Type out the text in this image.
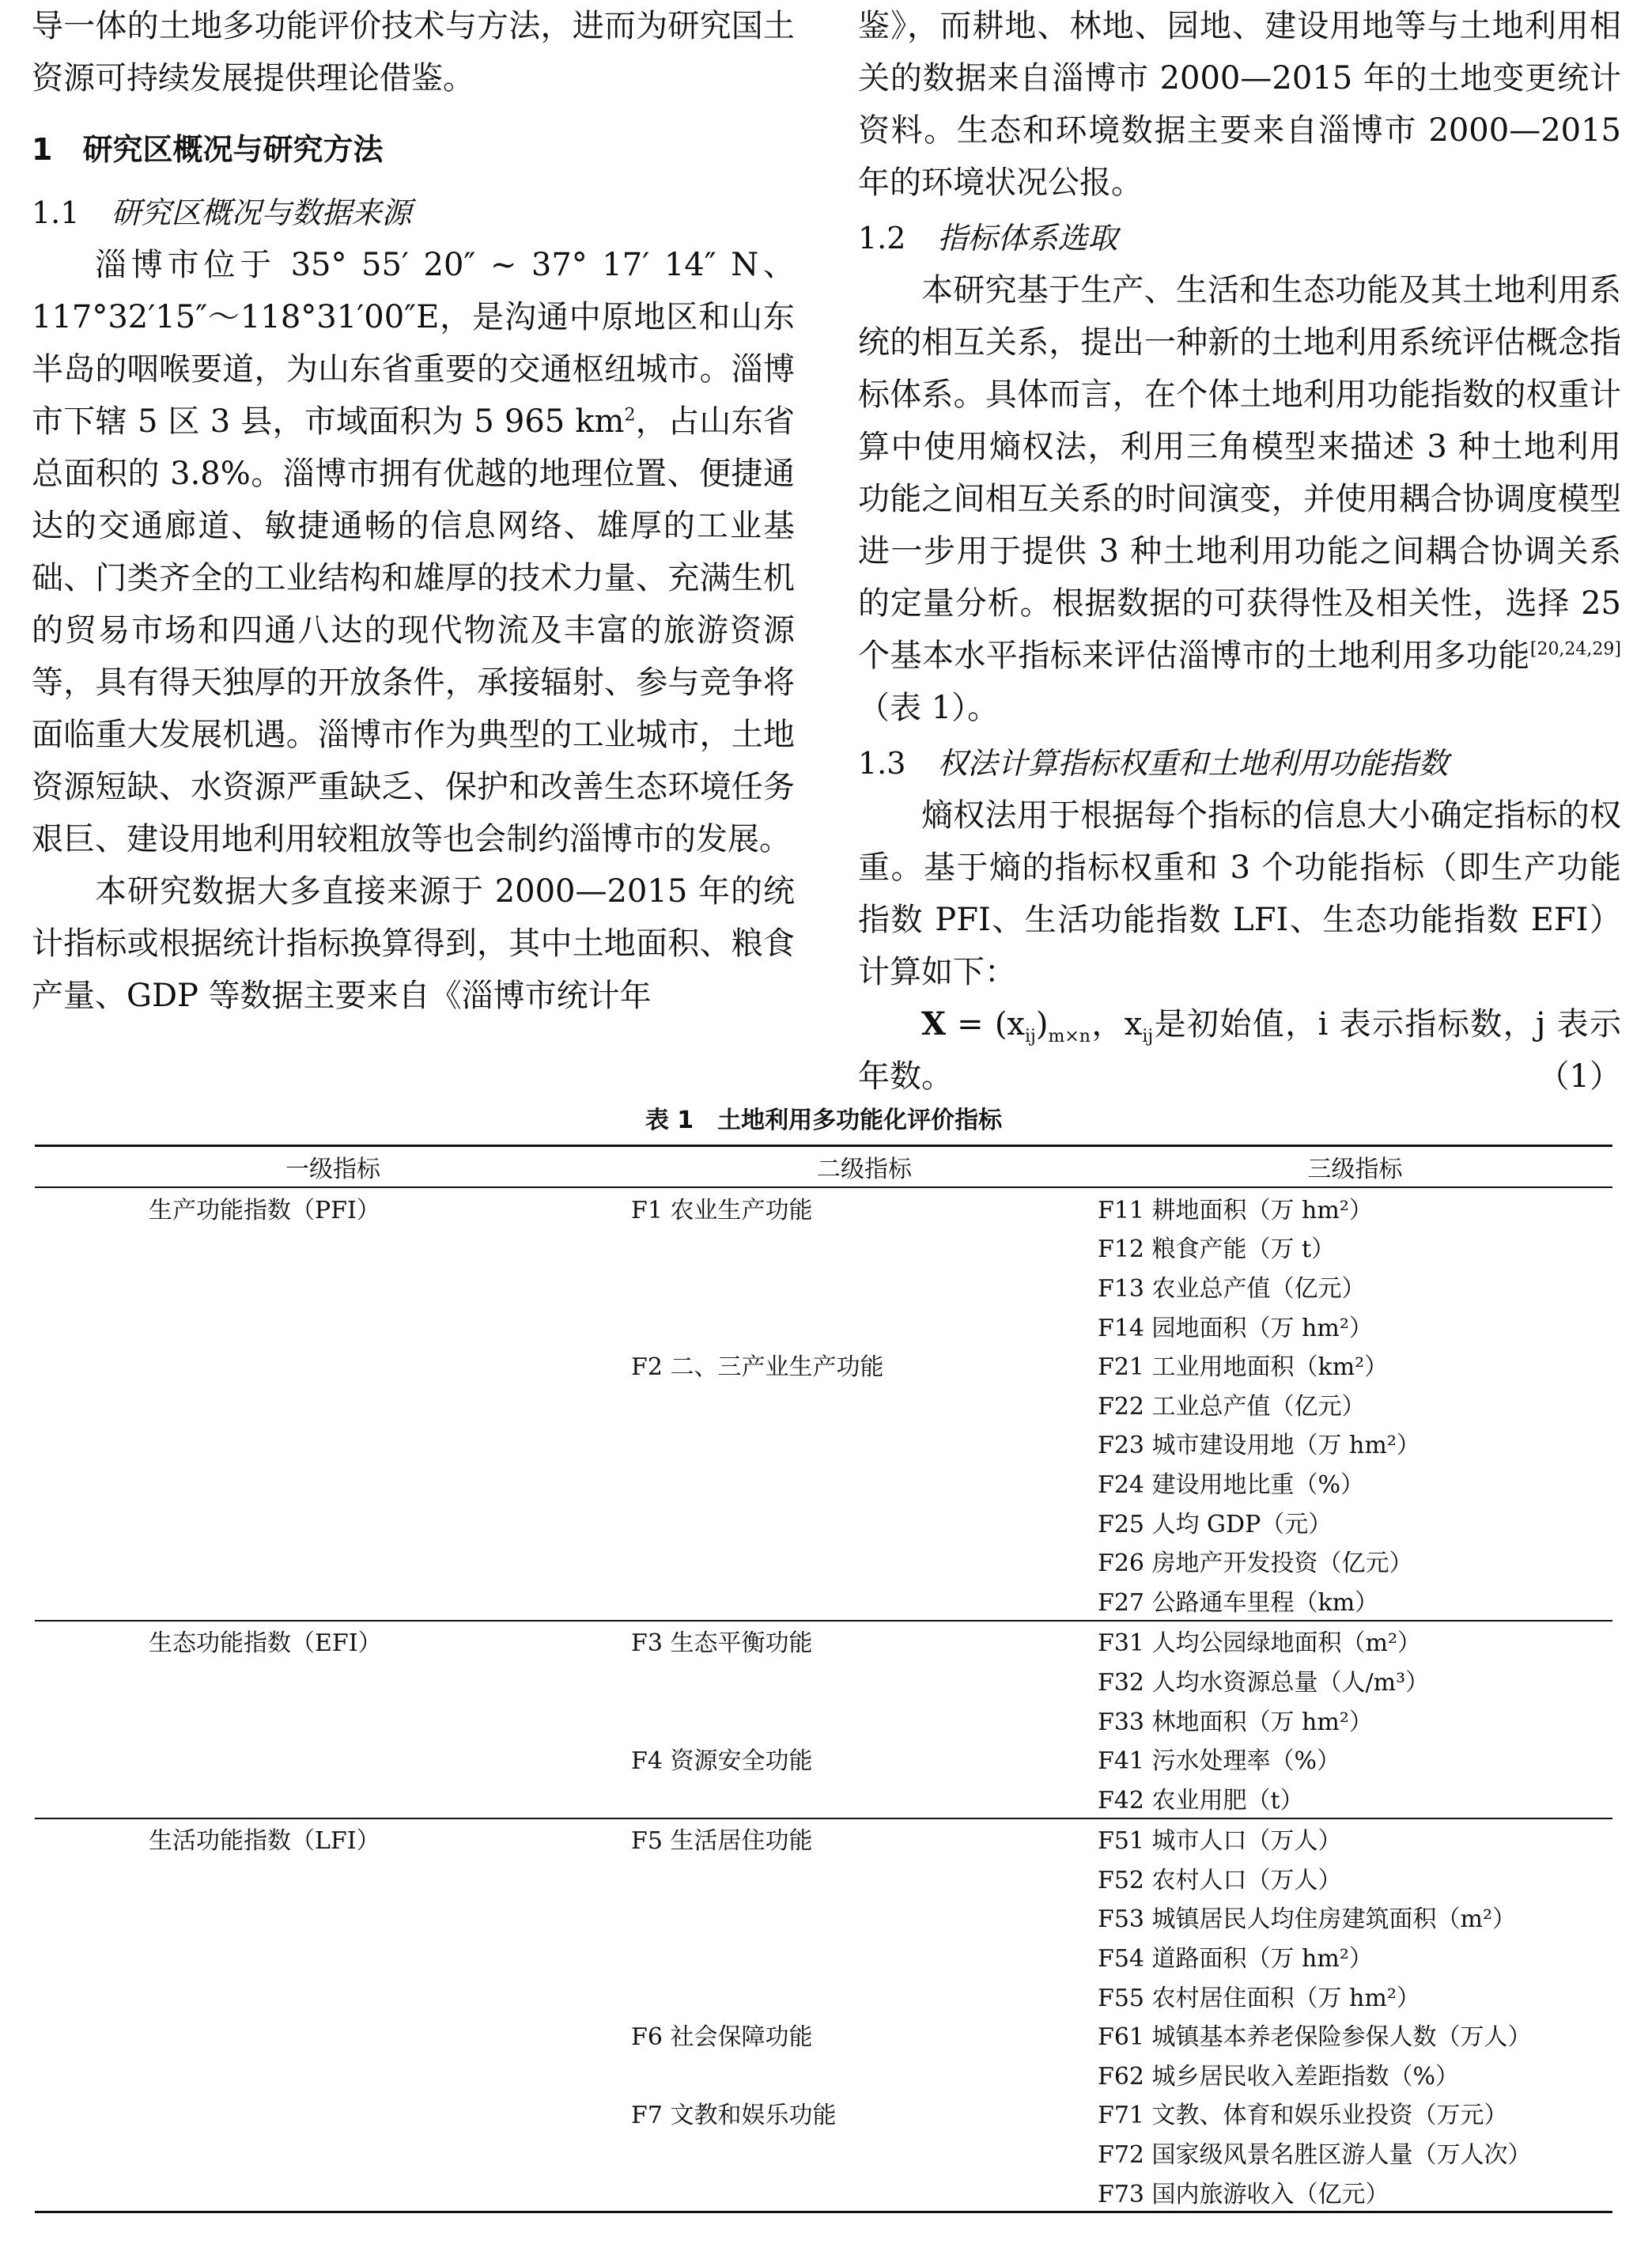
导一体的土地多功能评价技术与方法，进而为研究国土资源可持续发展提供理论借鉴。

1　研究区概况与研究方法
1.1 研究区概况与数据来源

淄博市位于 35° 55′ 20″ ~ 37° 17′ 14″ N、117°32′15″～118°31′00″E，是沟通中原地区和山东半岛的咽喉要道，为山东省重要的交通枢纽城市。淄博市下辖 5 区 3 县，市域面积为 5 965 $km^2$，占山东省总面积的 3.8%。淄博市拥有优越的地理位置、便捷通达的交通廊道、敏捷通畅的信息网络、雄厚的工业基础、门类齐全的工业结构和雄厚的技术力量、充满生机的贸易市场和四通八达的现代物流及丰富的旅游资源等，具有得天独厚的开放条件，承接辐射、参与竞争将面临重大发展机遇。淄博市作为典型的工业城市，土地资源短缺、水资源严重缺乏、保护和改善生态环境任务艰巨、建设用地利用较粗放等也会制约淄博市的发展。

本研究数据大多直接来源于 2000—2015 年的统计指标或根据统计指标换算得到，其中土地面积、粮食产量、GDP 等数据主要来自《淄博市统计年

鉴》，而耕地、林地、园地、建设用地等与土地利用相关的数据来自淄博市 2000—2015 年的土地变更统计资料。生态和环境数据主要来自淄博市 2000—2015 年的环境状况公报。

1.2 指标体系选取

本研究基于生产、生活和生态功能及其土地利用系统的相互关系，提出一种新的土地利用系统评估概念指标体系。具体而言，在个体土地利用功能指数的权重计算中使用熵权法，利用三角模型来描述 3 种土地利用功能之间相互关系的时间演变，并使用耦合协调度模型进一步用于提供 3 种土地利用功能之间耦合协调关系的定量分析。根据数据的可获得性及相关性，选择 25 个基本水平指标来评估淄博市的土地利用多功能[20,24,29]（表 1）。

1.3 权法计算指标权重和土地利用功能指数

熵权法用于根据每个指标的信息大小确定指标的权重。基于熵的指标权重和 3 个功能指标（即生产功能指数 PFI、生活功能指数 LFI、生态功能指数 EFI）计算如下：

$X = (x_{ij})_{m\times n}$，$x_{ij}$是初始值，i 表示指标数，j 表示年数。	（1）

表 1　土地利用多功能化评价指标
一级指标	二级指标	三级指标
生产功能指数（PFI）	F1 农业生产功能	F11 耕地面积（万 hm²）
		F12 粮食产能（万 t）
		F13 农业总产值（亿元）
		F14 园地面积（万 hm²）
	F2 二、三产业生产功能	F21 工业用地面积（km²）
		F22 工业总产值（亿元）
		F23 城市建设用地（万 hm²）
		F24 建设用地比重（%）
		F25 人均 GDP（元）
		F26 房地产开发投资（亿元）
		F27 公路通车里程（km）
生态功能指数（EFI）	F3 生态平衡功能	F31 人均公园绿地面积（m²）
		F32 人均水资源总量（人/m³）
		F33 林地面积（万 hm²）
	F4 资源安全功能	F41 污水处理率（%）
		F42 农业用肥（t）
生活功能指数（LFI）	F5 生活居住功能	F51 城市人口（万人）
		F52 农村人口（万人）
		F53 城镇居民人均住房建筑面积（m²）
		F54 道路面积（万 hm²）
		F55 农村居住面积（万 hm²）
	F6 社会保障功能	F61 城镇基本养老保险参保人数（万人）
		F62 城乡居民收入差距指数（%）
	F7 文教和娱乐功能	F71 文教、体育和娱乐业投资（万元）
		F72 国家级风景名胜区游人量（万人次）
		F73 国内旅游收入（亿元）
